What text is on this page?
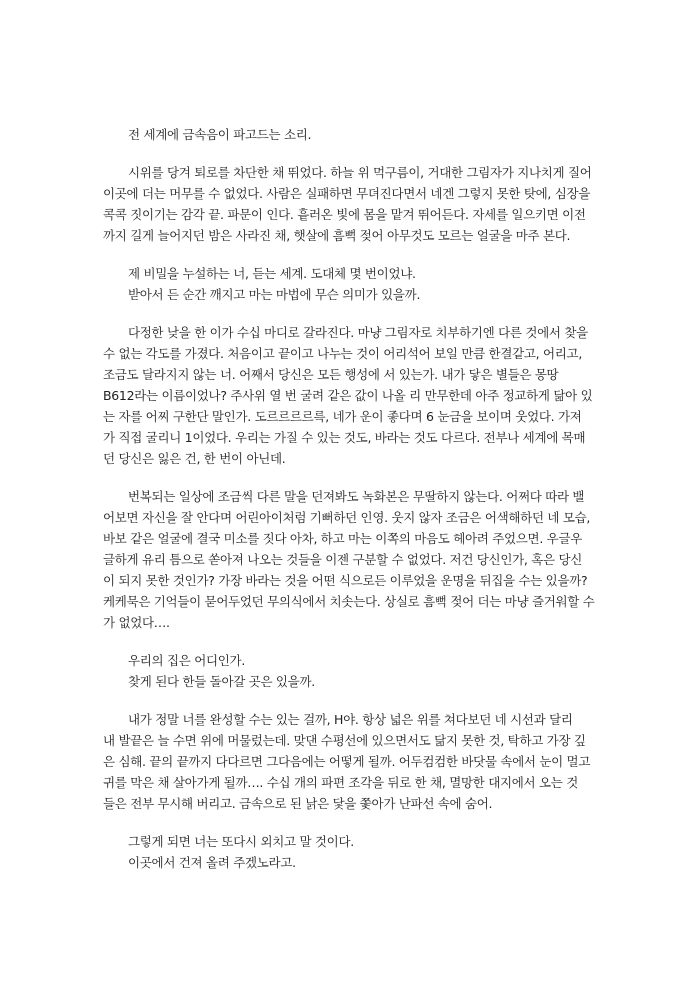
전 세계에 금속음이 파고드는 소리.
시위를 당겨 퇴로를 차단한 채 뛰었다. 하늘 위 먹구름이, 거대한 그림자가 지나치게 질어
이곳에 더는 머무를 수 없었다. 사람은 실패하면 무뎌진다면서 네겐 그렇지 못한 탓에, 심장을
콕콕 짓이기는 감각 끝. 파문이 인다. 흩러온 빛에 몸을 맡겨 뛰어든다. 자세를 일으키면 이전
까지 길게 늘어지던 밤은 사라진 채, 햇살에 흠뻑 젖어 아무것도 모르는 얼굴을 마주 본다.
제 비밀을 누설하는 너, 듣는 세계. 도대체 몇 번이었냐.
받아서 든 순간 깨지고 마는 마법에 무슨 의미가 있을까.
다정한 낮을 한 이가 수십 마디로 갈라진다. 마냥 그림자로 치부하기엔 다른 것에서 찾을
수 없는 각도를 가졌다. 처음이고 끝이고 나누는 것이 어리석어 보일 만큼 한결같고, 어리고,
조금도 달라지지 않는 너. 어째서 당신은 모든 행성에 서 있는가. 내가 닿은 별들은 몽땅
B612라는 이름이었나? 주사위 열 번 굴려 같은 값이 나올 리 만무한데 아주 정교하게 닮아 있
는 자를 어찌 구한단 말인가. 도르르르르륵, 네가 운이 좋다며 6 눈금을 보이며 웃었다. 가져
가 직접 굴리니 1이었다. 우리는 가질 수 있는 것도, 바라는 것도 다르다. 전부나 세계에 목매
던 당신은 잃은 건, 한 번이 아닌데.
번복되는 일상에 조금씩 다른 말을 던져봐도 녹화본은 무딸하지 않는다. 어쩌다 따라 밸
어보면 자신을 잘 안다며 어린아이처럼 기뻐하던 인영. 웃지 않자 조금은 어색해하던 네 모습,
바보 같은 얼굴에 결국 미소를 짓다 아차, 하고 마는 이쪽의 마음도 헤아려 주었으면. 우글우
글하게 유리 틈으로 쏟아져 나오는 것들을 이젠 구분할 수 없었다. 저건 당신인가, 혹은 당신
이 되지 못한 것인가? 가장 바라는 것을 어떤 식으로든 이루었을 운명을 뒤집을 수는 있을까?
케케묵은 기억들이 묻어두었던 무의식에서 치솟는다. 상실로 흠뻑 젖어 더는 마냥 즐거워할 수
가 없었다….
우리의 집은 어디인가.
찾게 된다 한들 돌아갈 곳은 있을까.
내가 정말 너를 완성할 수는 있는 걸까, H야. 항상 넓은 위를 쳐다보던 네 시선과 달리
내 발끝은 늘 수면 위에 머물렀는데. 맞댄 수평선에 있으면서도 닮지 못한 것, 탁하고 가장 깊
은 심해. 끝의 끝까지 다다르면 그다음에는 어떻게 될까. 어두컴컴한 바닷물 속에서 눈이 멀고
귀를 막은 채 살아가게 될까…. 수십 개의 파편 조각을 뒤로 한 채, 멸망한 대지에서 오는 것
들은 전부 무시해 버리고. 금속으로 된 낡은 닻을 쫓아가 난파선 속에 숨어.
그렇게 되면 너는 또다시 외치고 말 것이다.
이곳에서 건져 올려 주겠노라고.
